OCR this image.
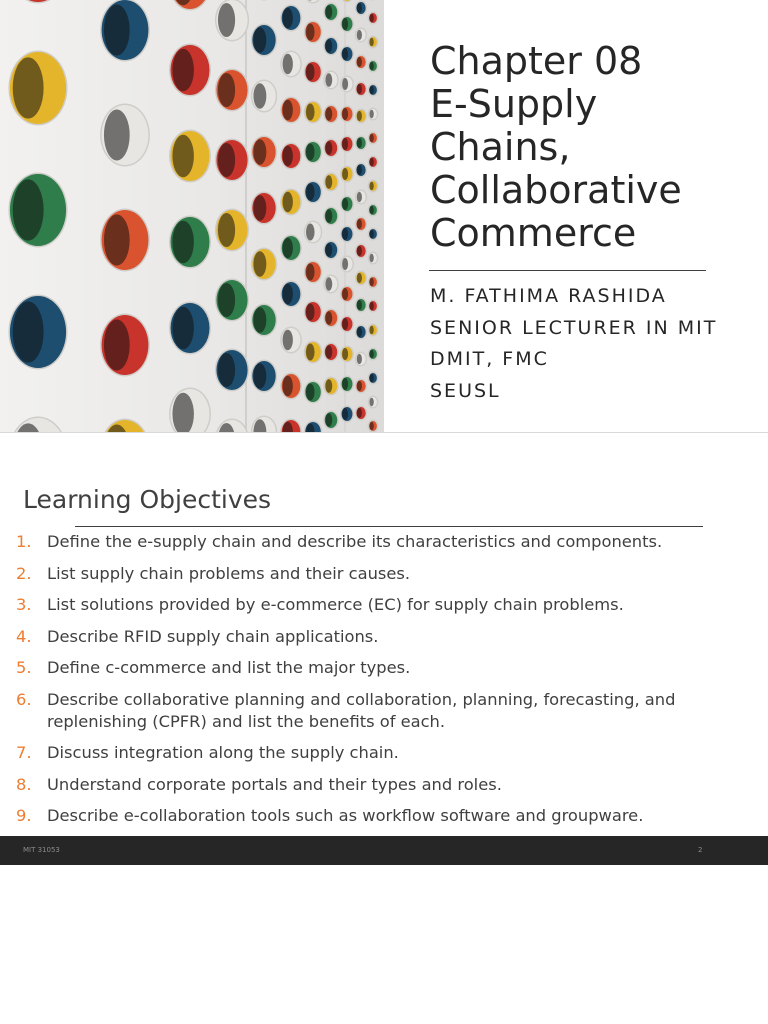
Chapter 08
E-Supply
Chains,
Collaborative
Commerce
M. FATHIMA RASHIDA
SENIOR LECTURER IN MIT
DMIT, FMC
SEUSL
Learning Objectives
1. Define the e-supply chain and describe its characteristics and components.
2. List supply chain problems and their causes.
3. List solutions provided by e-commerce (EC) for supply chain problems.
4. Describe RFID supply chain applications.
5. Define c-commerce and list the major types.
6. Describe collaborative planning and collaboration, planning, forecasting, and replenishing (CPFR) and list the benefits of each.
7. Discuss integration along the supply chain.
8. Understand corporate portals and their types and roles.
9. Describe e-collaboration tools such as workflow software and groupware.
MIT 31053	2
